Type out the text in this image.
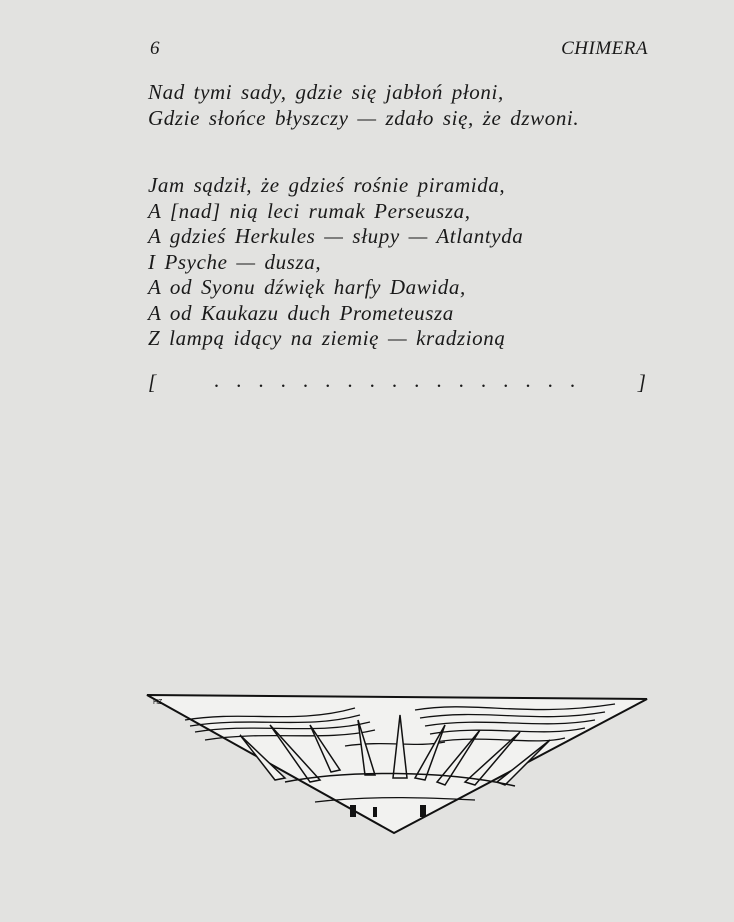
6	CHIMERA
Nad tymi sady, gdzie się jabłoń płoni,
Gdzie słońce błyszczy — zdało się, że dzwoni.
Jam sądził, że gdzieś rośnie piramida,
A [nad] nią leci rumak Perseusza,
A gdzieś Herkules — słupy — Atlantyda
I Psyche — dusza,
A od Syonu dźwięk harfy Dawida,
A od Kaukazu duch Prometeusza
Z lampą idący na ziemię — kradzioną
[	· · · · · · · · · · · · · · · · ·	]
HZ
